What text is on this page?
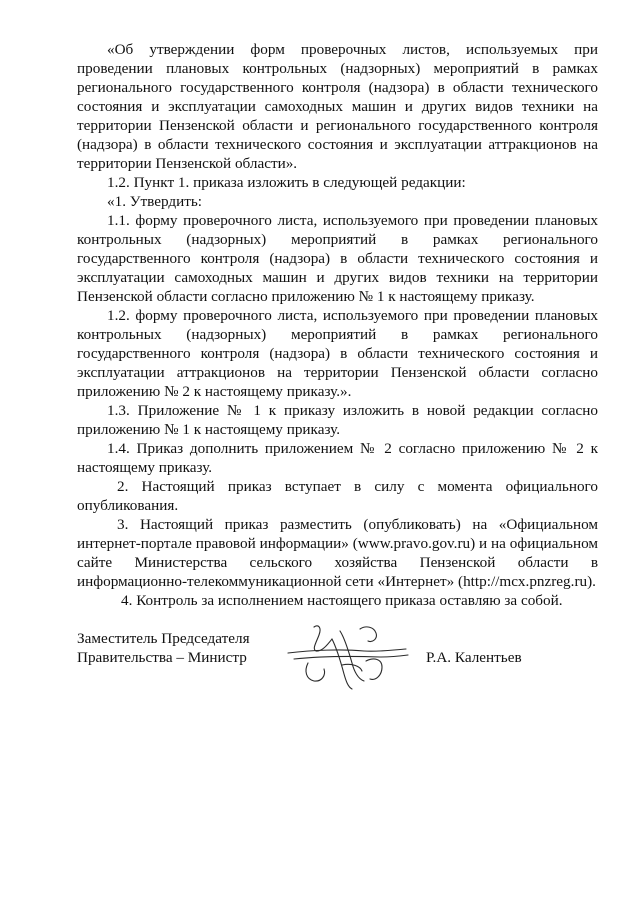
«Об утверждении форм проверочных листов, используемых при проведении плановых контрольных (надзорных) мероприятий в рамках регионального государственного контроля (надзора) в области технического состояния и эксплуатации самоходных машин и других видов техники на территории Пензенской области и регионального государственного контроля (надзора) в области технического состояния и эксплуатации аттракционов на территории Пензенской области».

1.2. Пункт 1. приказа изложить в следующей редакции:

«1. Утвердить:

1.1. форму проверочного листа, используемого при проведении плановых контрольных (надзорных) мероприятий в рамках регионального государственного контроля (надзора) в области технического состояния и эксплуатации самоходных машин и других видов техники на территории Пензенской области согласно приложению № 1 к настоящему приказу.

1.2. форму проверочного листа, используемого при проведении плановых контрольных (надзорных) мероприятий в рамках регионального государственного контроля (надзора) в области технического состояния и эксплуатации аттракционов на территории Пензенской области согласно приложению № 2 к настоящему приказу.».

1.3. Приложение № 1 к приказу изложить в новой редакции согласно приложению № 1 к настоящему приказу.

1.4. Приказ дополнить приложением № 2 согласно приложению № 2 к настоящему приказу.

2. Настоящий приказ вступает в силу с момента официального опубликования.

3. Настоящий приказ разместить (опубликовать) на «Официальном интернет-портале правовой информации» (www.pravo.gov.ru) и на официальном сайте Министерства сельского хозяйства Пензенской области в информационно-телекоммуникационной сети «Интернет» (http://mcx.pnzreg.ru).

4. Контроль за исполнением настоящего приказа оставляю за собой.

Заместитель Председателя
Правительства – Министр	Р.А. Калентьев
